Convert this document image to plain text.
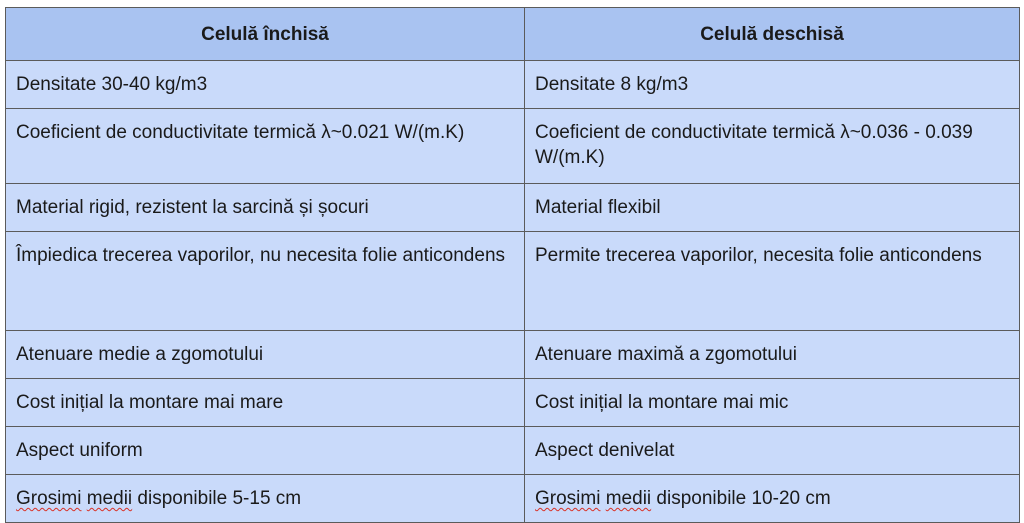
Celulă închisă	Celulă deschisă
Densitate 30-40 kg/m3	Densitate 8 kg/m3
Coeficient de conductivitate termică λ~0.021 W/(m.K)	Coeficient de conductivitate termică λ~0.036 - 0.039 W/(m.K)
Material rigid, rezistent la sarcină și șocuri	Material flexibil
Împiedica trecerea vaporilor, nu necesita folie anticondens	Permite trecerea vaporilor, necesita folie anticondens
Atenuare medie a zgomotului	Atenuare maximă a zgomotului
Cost inițial la montare mai mare	Cost inițial la montare mai mic
Aspect uniform	Aspect denivelat
Grosimi medii disponibile 5-15 cm	Grosimi medii disponibile 10-20 cm
